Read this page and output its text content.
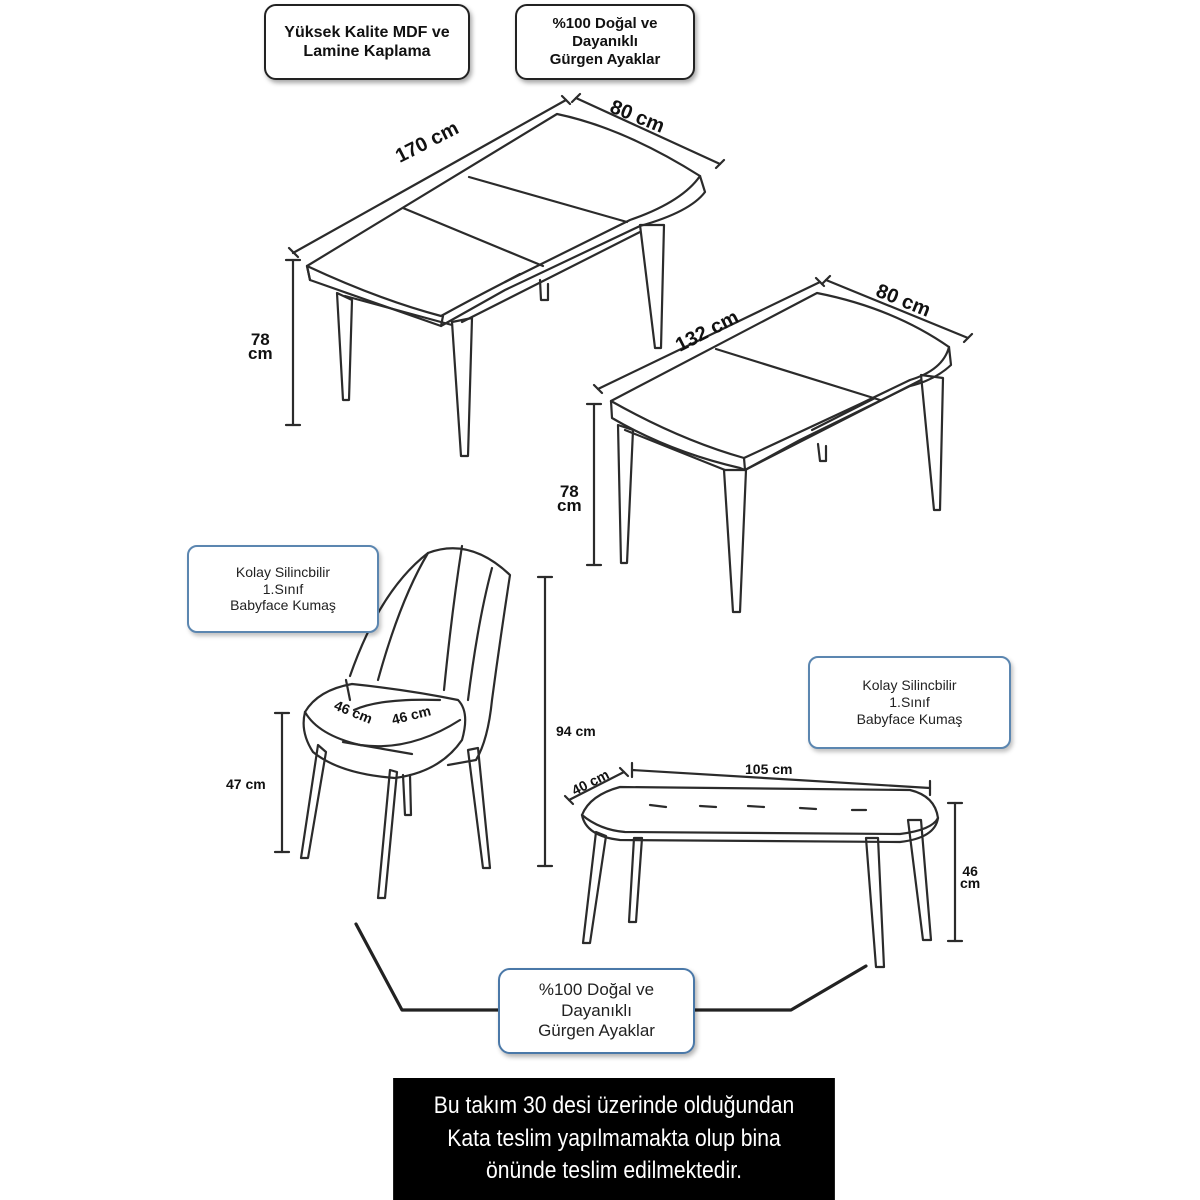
Yüksek Kalite MDF ve
Lamine Kaplama
%100 Doğal ve
Dayanıklı
Gürgen Ayaklar
Kolay Silincbilir
1.Sınıf
Babyface Kumaş
Kolay Silincbilir
1.Sınıf
Babyface Kumaş
%100 Doğal ve
Dayanıklı
Gürgen Ayaklar
170 cm
80 cm
78
cm	132 cm
80 cm
78
cm
46 cm 46 cm
47 cm
94 cm
40 cm	105 cm
46
cm
Bu takım 30 desi üzerinde olduğundan
Kata teslim yapılmamakta olup bina
önünde teslim edilmektedir.
